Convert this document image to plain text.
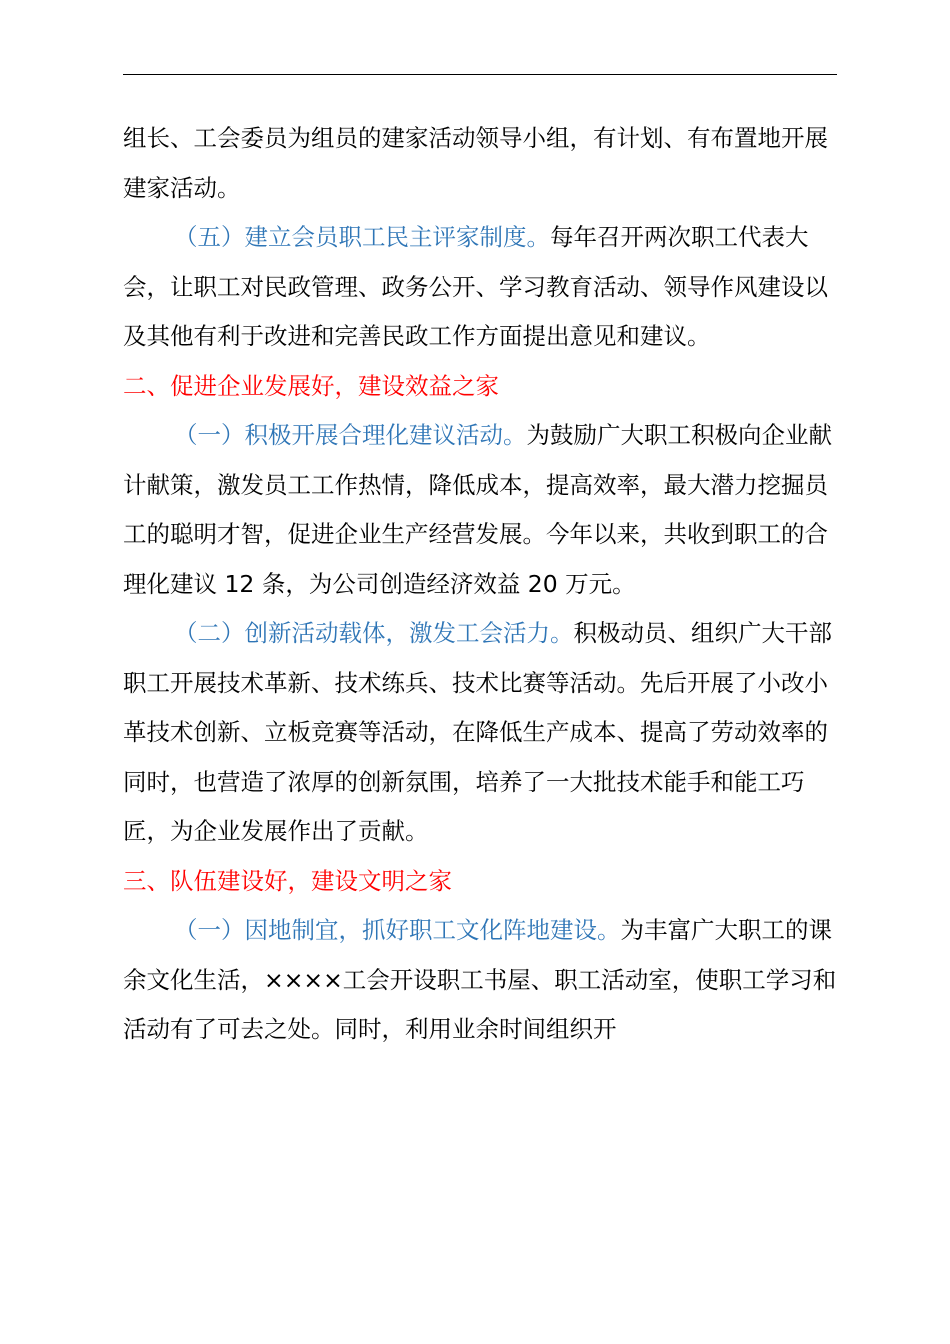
组长、工会委员为组员的建家活动领导小组，有计划、有布置地开展建家活动。

（五）建立会员职工民主评家制度。每年召开两次职工代表大会，让职工对民政管理、政务公开、学习教育活动、领导作风建设以及其他有利于改进和完善民政工作方面提出意见和建议。

二、促进企业发展好，建设效益之家

（一）积极开展合理化建议活动。为鼓励广大职工积极向企业献计献策，激发员工工作热情，降低成本，提高效率，最大潜力挖掘员工的聪明才智，促进企业生产经营发展。今年以来，共收到职工的合理化建议 12 条，为公司创造经济效益 20 万元。

（二）创新活动载体，激发工会活力。积极动员、组织广大干部职工开展技术革新、技术练兵、技术比赛等活动。先后开展了小改小革技术创新、立板竞赛等活动，在降低生产成本、提高了劳动效率的同时，也营造了浓厚的创新氛围，培养了一大批技术能手和能工巧匠，为企业发展作出了贡献。

三、队伍建设好，建设文明之家

（一）因地制宜，抓好职工文化阵地建设。为丰富广大职工的课余文化生活，××××工会开设职工书屋、职工活动室，使职工学习和活动有了可去之处。同时，利用业余时间组织开
